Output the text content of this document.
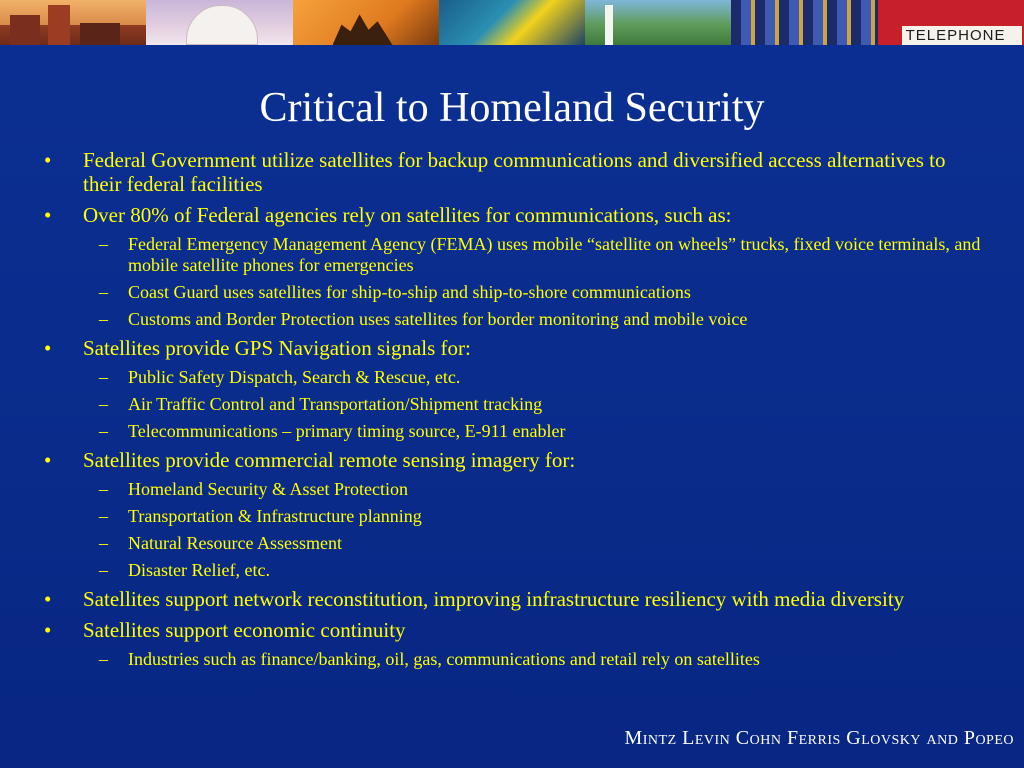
TELEPHONE
Critical to Homeland Security
• Federal Government utilize satellites for backup communications and diversified access alternatives to their federal facilities
• Over 80% of Federal agencies rely on satellites for communications, such as:
– Federal Emergency Management Agency (FEMA) uses mobile “satellite on wheels” trucks, fixed voice terminals, and mobile satellite phones for emergencies
– Coast Guard uses satellites for ship-to-ship and ship-to-shore communications
– Customs and Border Protection uses satellites for border monitoring and mobile voice
• Satellites provide GPS Navigation signals for:
– Public Safety Dispatch, Search & Rescue, etc.
– Air Traffic Control and Transportation/Shipment tracking
– Telecommunications – primary timing source, E-911 enabler
• Satellites provide commercial remote sensing imagery for:
– Homeland Security & Asset Protection
– Transportation & Infrastructure planning
– Natural Resource Assessment
– Disaster Relief, etc.
• Satellites support network reconstitution, improving infrastructure resiliency with media diversity
• Satellites support economic continuity
– Industries such as finance/banking, oil, gas, communications and retail rely on satellites
Mintz Levin Cohn Ferris Glovsky and Popeo
